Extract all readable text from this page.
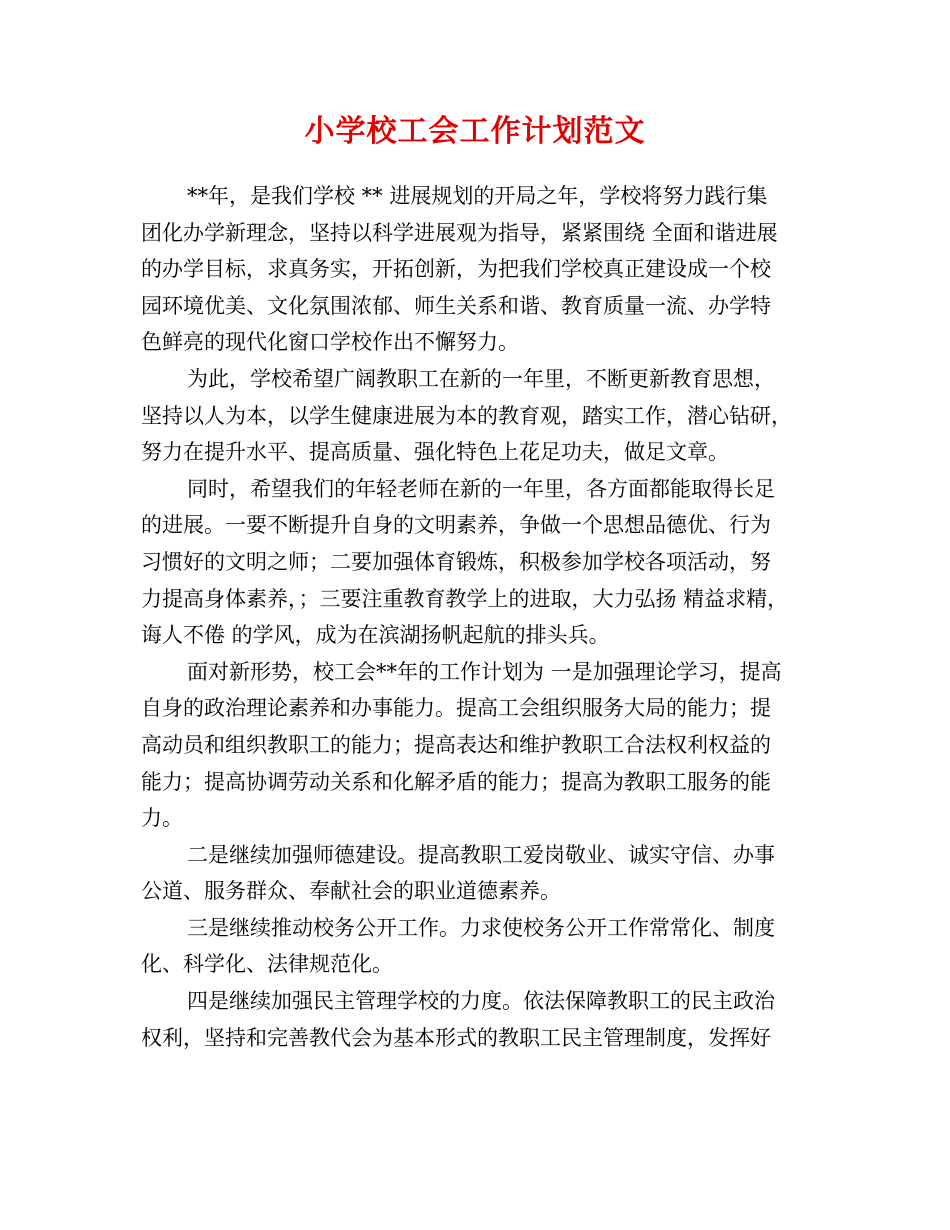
小学校工会工作计划范文

**年，是我们学校 ** 进展规划的开局之年，学校将努力践行集
团化办学新理念，坚持以科学进展观为指导，紧紧围绕 全面和谐进展
的办学目标，求真务实，开拓创新，为把我们学校真正建设成一个校
园环境优美、文化氛围浓郁、师生关系和谐、教育质量一流、办学特
色鲜亮的现代化窗口学校作出不懈努力。

为此，学校希望广阔教职工在新的一年里，不断更新教育思想，
坚持以人为本，以学生健康进展为本的教育观，踏实工作，潜心钻研，
努力在提升水平、提高质量、强化特色上花足功夫，做足文章。

同时，希望我们的年轻老师在新的一年里，各方面都能取得长足
的进展。一要不断提升自身的文明素养，争做一个思想品德优、行为
习惯好的文明之师；二要加强体育锻炼，积极参加学校各项活动，努
力提高身体素养，；三要注重教育教学上的进取，大力弘扬 精益求精，
诲人不倦 的学风，成为在滨湖扬帆起航的排头兵。

面对新形势，校工会**年的工作计划为 一是加强理论学习，提高
自身的政治理论素养和办事能力。提高工会组织服务大局的能力；提
高动员和组织教职工的能力；提高表达和维护教职工合法权利权益的
能力；提高协调劳动关系和化解矛盾的能力；提高为教职工服务的能
力。

二是继续加强师德建设。提高教职工爱岗敬业、诚实守信、办事
公道、服务群众、奉献社会的职业道德素养。

三是继续推动校务公开工作。力求使校务公开工作常常化、制度
化、科学化、法律规范化。

四是继续加强民主管理学校的力度。依法保障教职工的民主政治
权利，坚持和完善教代会为基本形式的教职工民主管理制度，发挥好
